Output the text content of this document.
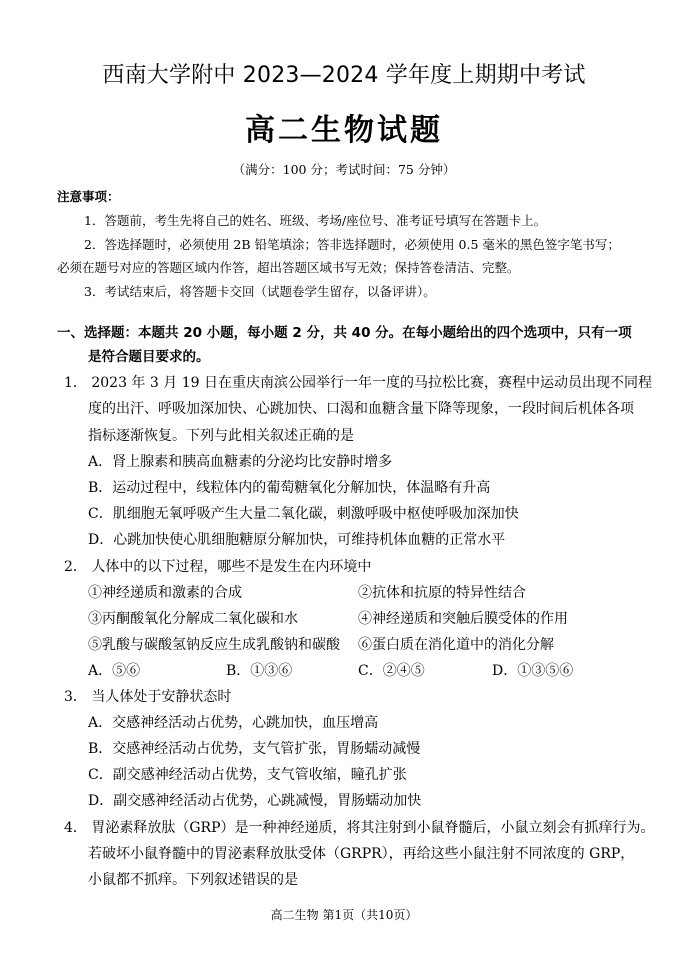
西南大学附中 2023—2024 学年度上期期中考试
高二生物试题
（满分：100 分；考试时间：75 分钟）
注意事项：
1．答题前，考生先将自己的姓名、班级、考场/座位号、准考证号填写在答题卡上。
2．答选择题时，必须使用 2B 铅笔填涂；答非选择题时，必须使用 0.5 毫米的黑色签字笔书写；
必须在题号对应的答题区域内作答，超出答题区域书写无效；保持答卷清洁、完整。
3．考试结束后，将答题卡交回（试题卷学生留存，以备评讲）。
一、选择题：本题共 20 小题，每小题 2 分，共 40 分。在每小题给出的四个选项中，只有一项
是符合题目要求的。
1． 2023 年 3 月 19 日在重庆南滨公园举行一年一度的马拉松比赛，赛程中运动员出现不同程
度的出汗、呼吸加深加快、心跳加快、口渴和血糖含量下降等现象，一段时间后机体各项
指标逐渐恢复。下列与此相关叙述正确的是
A．肾上腺素和胰高血糖素的分泌均比安静时增多
B．运动过程中，线粒体内的葡萄糖氧化分解加快，体温略有升高
C．肌细胞无氧呼吸产生大量二氧化碳，刺激呼吸中枢使呼吸加深加快
D．心跳加快使心肌细胞糖原分解加快，可维持机体血糖的正常水平
2． 人体中的以下过程，哪些不是发生在内环境中
①神经递质和激素的合成	②抗体和抗原的特异性结合
③丙酮酸氧化分解成二氧化碳和水	④神经递质和突触后膜受体的作用
⑤乳酸与碳酸氢钠反应生成乳酸钠和碳酸 ⑥蛋白质在消化道中的消化分解
A．⑤⑥	B．①③⑥	C．②④⑤	D．①③⑤⑥
3． 当人体处于安静状态时
A．交感神经活动占优势，心跳加快，血压增高
B．交感神经活动占优势，支气管扩张，胃肠蠕动减慢
C．副交感神经活动占优势，支气管收缩，瞳孔扩张
D．副交感神经活动占优势，心跳减慢，胃肠蠕动加快
4． 胃泌素释放肽（GRP）是一种神经递质，将其注射到小鼠脊髓后，小鼠立刻会有抓痒行为。
若破坏小鼠脊髓中的胃泌素释放肽受体（GRPR），再给这些小鼠注射不同浓度的 GRP，
小鼠都不抓痒。下列叙述错误的是
高二生物 第1页（共10页）
